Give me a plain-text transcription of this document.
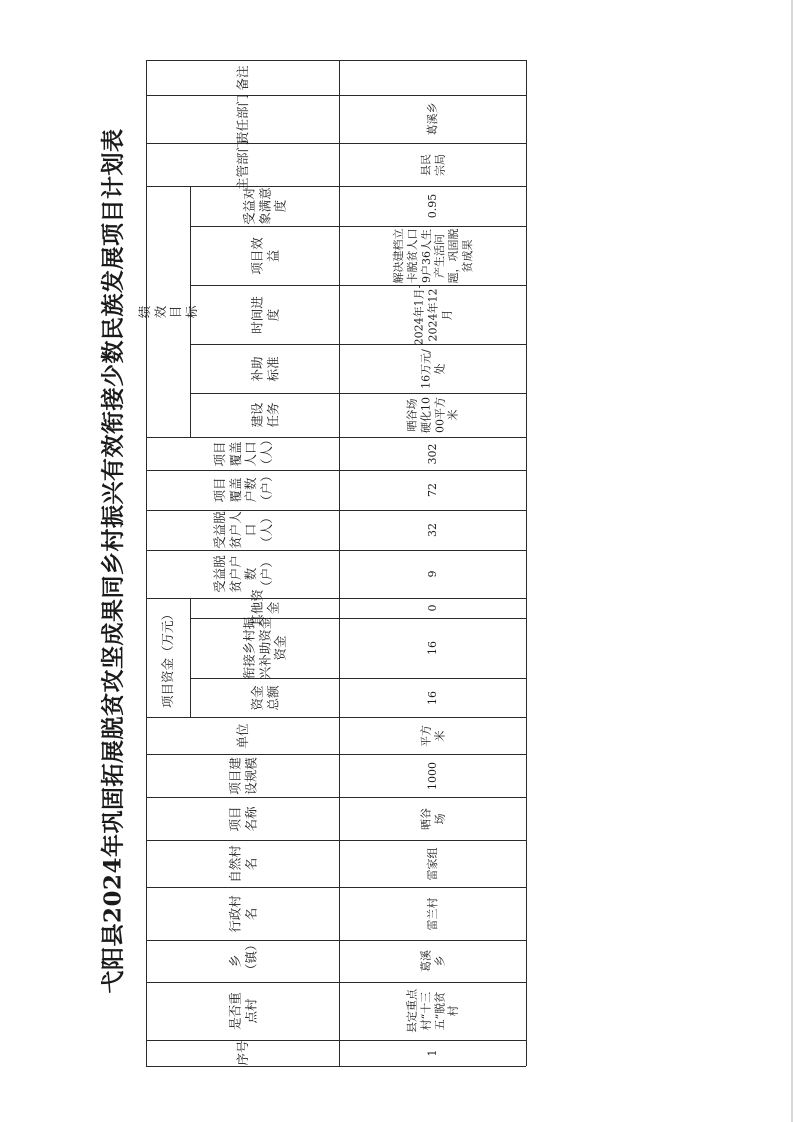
弋阳县2024年巩固拓展脱贫攻坚成果同乡村振兴有效衔接少数民族发展项目计划表
备注
责任部门
主管部门
绩效目标
受益对象满意度
项目效益
时间进度
补助标准
建设任务
项目覆盖人口（人）
项目覆盖户数（户）
受益脱贫户人口（人）
受益脱贫户户数（户）
项目资金（万元）	其他资金
衔接乡村振兴补助资金资金
资金总额
单位
项目建设规模
项目名称
自然村名
行政村名
乡（镇）
是否重点村
序号
葛溪乡
县民宗局
0.95
解决建档立卡脱贫人口9户36人生产生活问题，巩固脱贫成果
2024年1月-2024年12月
16万元/处
晒谷场硬化1000平方米
302
72
32
9
0
16
16
平方米
1000
晒谷场
雷家组
雷兰村
葛溪乡
县定重点村“十三五”脱贫村
1
